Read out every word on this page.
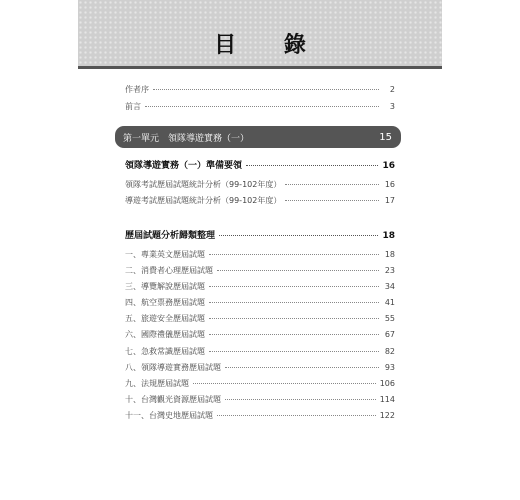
目 錄
作者序	2
前言	3
第一單元　領隊導遊實務（一）	15
領隊導遊實務（一）準備要領	16
領隊考試歷屆試題統計分析（99-102年度）	16
導遊考試歷屆試題統計分析（99-102年度）	17
歷屆試題分析歸類整理	18
一、專業英文歷屆試題	18
二、消費者心理歷屆試題	23
三、導覽解說歷屆試題	34
四、航空票務歷屆試題	41
五、旅遊安全歷屆試題	55
六、國際禮儀歷屆試題	67
七、急救常識歷屆試題	82
八、領隊導遊實務歷屆試題	93
九、法規歷屆試題	106
十、台灣觀光資源歷屆試題	114
十一、台灣史地歷屆試題	122
